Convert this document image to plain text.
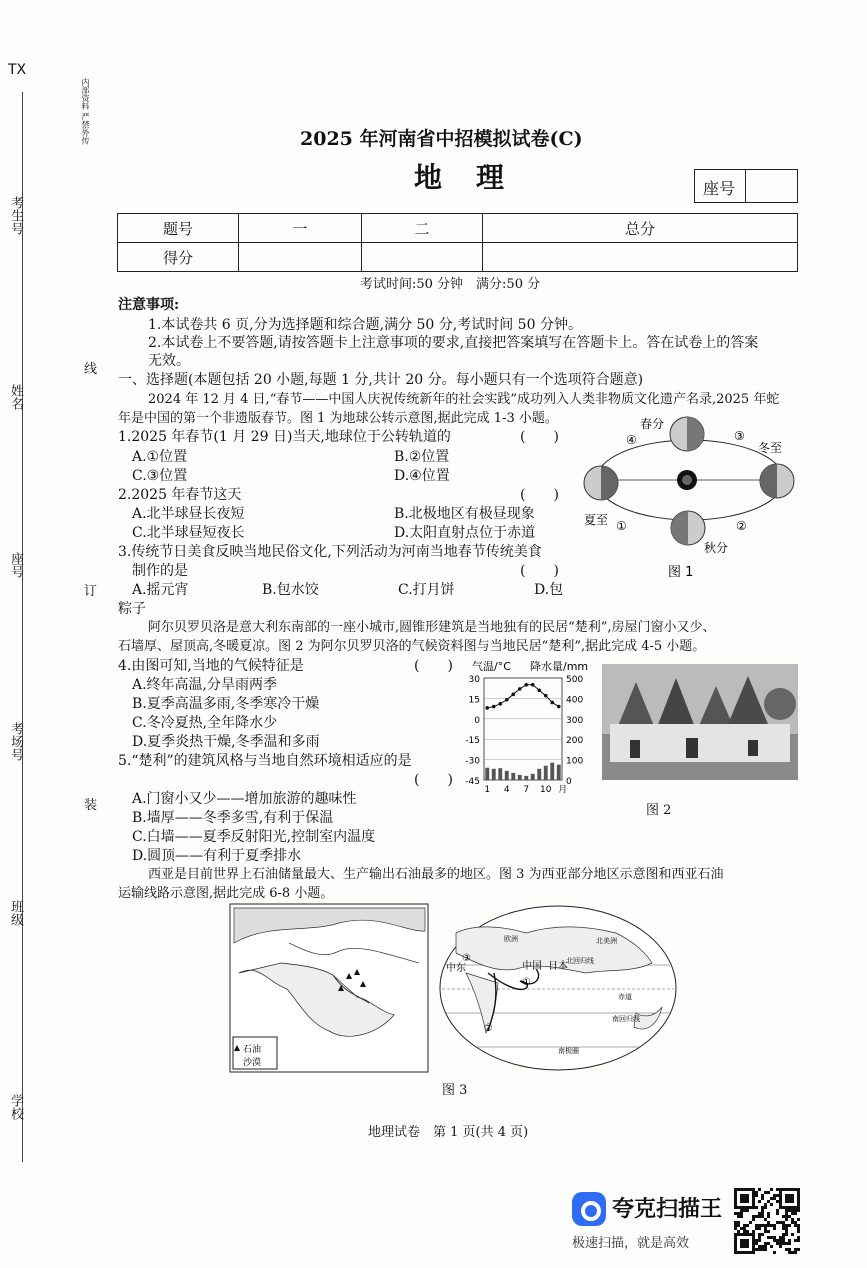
TX
考生号
姓名
座号
考场号
班级
学校
内部资料 严禁外传
线
订
装
2025 年河南省中招模拟试卷(C)
地理	座号
题号	一	二	总分
得分			
考试时间:50 分钟　满分:50 分
注意事项:
1.本试卷共 6 页,分为选择题和综合题,满分 50 分,考试时间 50 分钟。
2.本试卷上不要答题,请按答题卡上注意事项的要求,直接把答案填写在答题卡上。答在试卷上的答案
无效。
一、选择题(本题包括 20 小题,每题 1 分,共计 20 分。每小题只有一个选项符合题意)
2024 年 12 月 4 日,“春节——中国人庆祝传统新年的社会实践”成功列入人类非物质文化遗产名录,2025 年蛇
年是中国的第一个非遗版春节。图 1 为地球公转示意图,据此完成 1-3 小题。
1.2025 年春节(1 月 29 日)当天,地球位于公转轨道的	(　　)
A.①位置	B.②位置
C.③位置	D.④位置
2.2025 年春节这天	(　　)
A.北半球昼长夜短	B.北极地区有极昼现象
C.北半球昼短夜长	D.太阳直射点位于赤道
3.传统节日美食反映当地民俗文化,下列活动为河南当地春节传统美食
制作的是	(　　)
A.摇元宵	B.包水饺	C.打月饼	D.包
粽子
春分
冬至
夏至
秋分
④	③
①	②
图 1
阿尔贝罗贝洛是意大利东南部的一座小城市,圆锥形建筑是当地独有的民居“楚利”,房屋门窗小又少、
石墙厚、屋顶高,冬暖夏凉。图 2 为阿尔贝罗贝洛的气候资料图与当地民居“楚利”,据此完成 4-5 小题。
4.由图可知,当地的气候特征是	(　　)
A.终年高温,分旱雨两季
B.夏季高温多雨,冬季寒冷干燥
C.冬冷夏热,全年降水少
D.夏季炎热干燥,冬季温和多雨
5.“楚利”的建筑风格与当地自然环境相适应的是
(　　)
A.门窗小又少——增加旅游的趣味性
B.墙厚——冬季多雪,有利于保温
C.白墙——夏季反射阳光,控制室内温度
D.圆顶——有利于夏季排水
气温/°C 降水量/mm
30
15
0
-15
-30
-45
500
400
300
200
100
0
1 4 7 10 月
图 2
西亚是目前世界上石油储量最大、生产输出石油最多的地区。图 3 为西亚部分地区示意图和西亚石油
运输线路示意图,据此完成 6-8 小题。
石油
沙漠
中东	中国 日本
北回归线
赤道
南回归线
南极圈
欧洲	北美洲
①
②
③
图 3
地理试卷　第 1 页(共 4 页)
夸克扫描王
极速扫描，就是高效
